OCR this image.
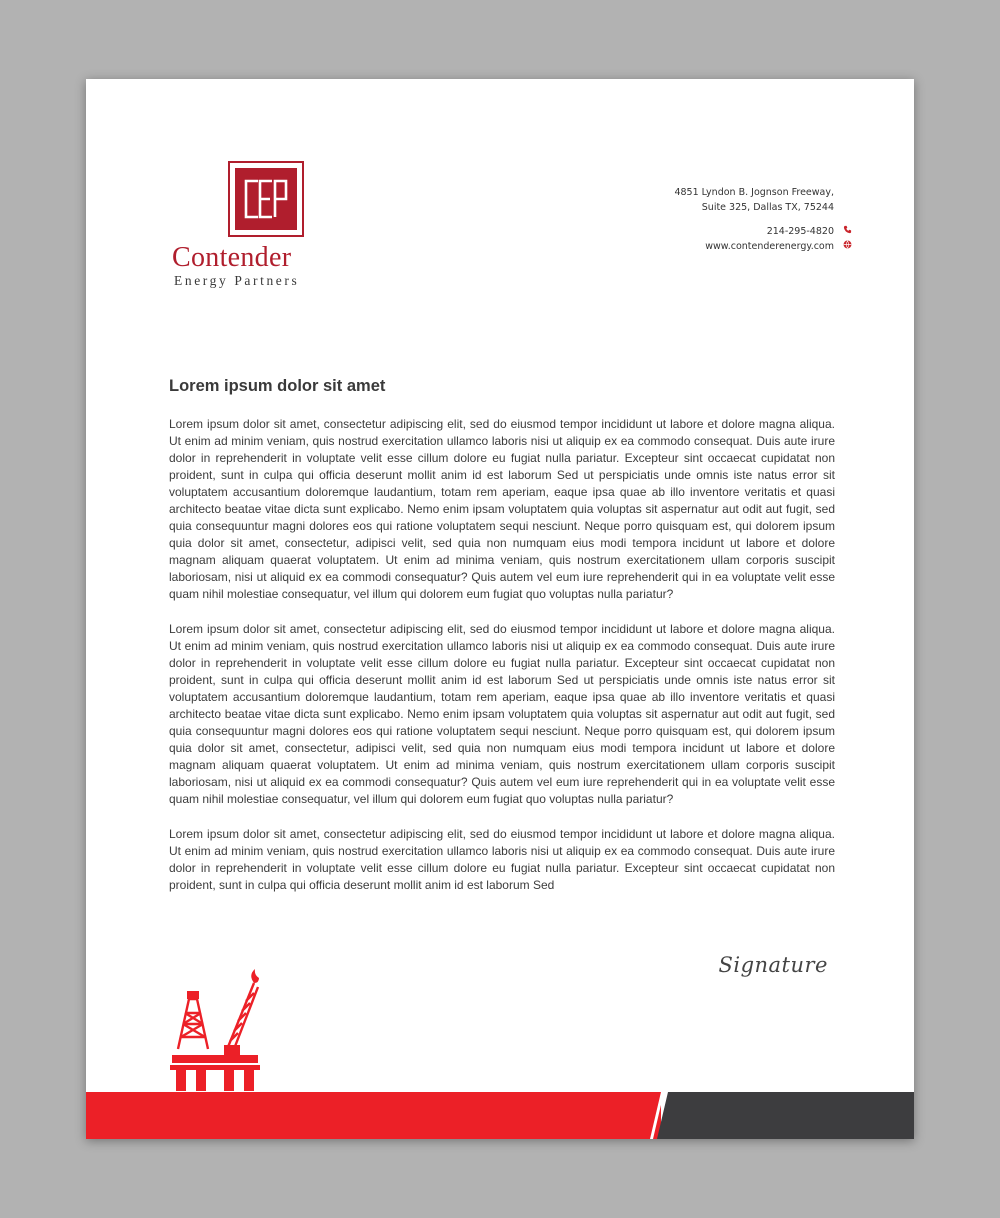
Contender
Energy Partners
4851 Lyndon B. Jognson Freeway,
Suite 325, Dallas TX, 75244
214-295-4820
www.contenderenergy.com
Lorem ipsum dolor sit amet

Lorem ipsum dolor sit amet, consectetur adipiscing elit, sed do eiusmod tempor incididunt ut labore et dolore magna aliqua. Ut enim ad minim veniam, quis nostrud exercitation ullamco laboris nisi ut aliquip ex ea commodo consequat. Duis aute irure dolor in reprehenderit in voluptate velit esse cillum dolore eu fugiat nulla pariatur. Excepteur sint occaecat cupidatat non proident, sunt in culpa qui officia deserunt mollit anim id est laborum Sed ut perspiciatis unde omnis iste natus error sit voluptatem accusantium doloremque laudantium, totam rem aperiam, eaque ipsa quae ab illo inventore veritatis et quasi architecto beatae vitae dicta sunt explicabo. Nemo enim ipsam voluptatem quia voluptas sit aspernatur aut odit aut fugit, sed quia consequuntur magni dolores eos qui ratione voluptatem sequi nesciunt. Neque porro quisquam est, qui dolorem ipsum quia dolor sit amet, consectetur, adipisci velit, sed quia non numquam eius modi tempora incidunt ut labore et dolore magnam aliquam quaerat voluptatem. Ut enim ad minima veniam, quis nostrum exercitationem ullam corporis suscipit laboriosam, nisi ut aliquid ex ea commodi consequatur? Quis autem vel eum iure reprehenderit qui in ea voluptate velit esse quam nihil molestiae consequatur, vel illum qui dolorem eum fugiat quo voluptas nulla pariatur?

Lorem ipsum dolor sit amet, consectetur adipiscing elit, sed do eiusmod tempor incididunt ut labore et dolore magna aliqua. Ut enim ad minim veniam, quis nostrud exercitation ullamco laboris nisi ut aliquip ex ea commodo consequat. Duis aute irure dolor in reprehenderit in voluptate velit esse cillum dolore eu fugiat nulla pariatur. Excepteur sint occaecat cupidatat non proident, sunt in culpa qui officia deserunt mollit anim id est laborum Sed ut perspiciatis unde omnis iste natus error sit voluptatem accusantium doloremque laudantium, totam rem aperiam, eaque ipsa quae ab illo inventore veritatis et quasi architecto beatae vitae dicta sunt explicabo. Nemo enim ipsam voluptatem quia voluptas sit aspernatur aut odit aut fugit, sed quia consequuntur magni dolores eos qui ratione voluptatem sequi nesciunt. Neque porro quisquam est, qui dolorem ipsum quia dolor sit amet, consectetur, adipisci velit, sed quia non numquam eius modi tempora incidunt ut labore et dolore magnam aliquam quaerat voluptatem. Ut enim ad minima veniam, quis nostrum exercitationem ullam corporis suscipit laboriosam, nisi ut aliquid ex ea commodi consequatur? Quis autem vel eum iure reprehenderit qui in ea voluptate velit esse quam nihil molestiae consequatur, vel illum qui dolorem eum fugiat quo voluptas nulla pariatur?

Lorem ipsum dolor sit amet, consectetur adipiscing elit, sed do eiusmod tempor incididunt ut labore et dolore magna aliqua. Ut enim ad minim veniam, quis nostrud exercitation ullamco laboris nisi ut aliquip ex ea commodo consequat. Duis aute irure dolor in reprehenderit in voluptate velit esse cillum dolore eu fugiat nulla pariatur. Excepteur sint occaecat cupidatat non proident, sunt in culpa qui officia deserunt mollit anim id est laborum Sed

Signature
